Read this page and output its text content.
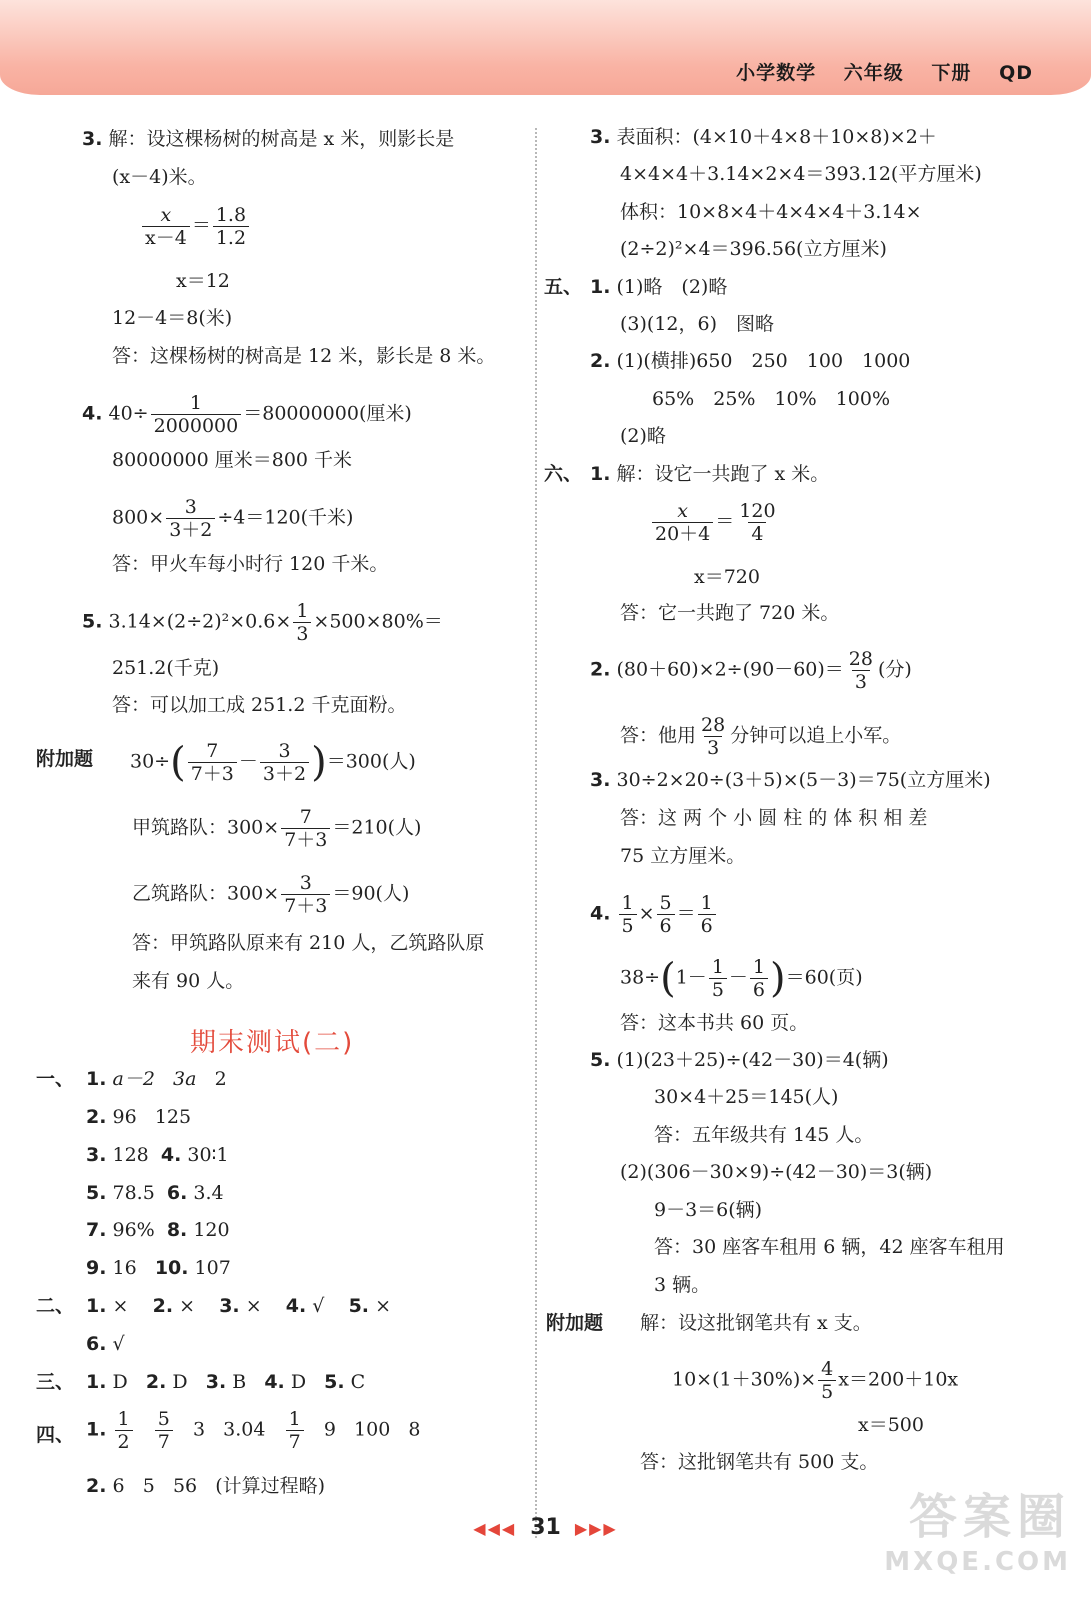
小学数学 六年级 下册 QD
3. 解：设这棵杨树的树高是 x 米，则影长是
(x－4)米。
$\frac{x}{x-4} = \frac{1.8}{1.2}$
x＝12
12－4＝8(米)
答：这棵杨树的树高是 12 米，影长是 8 米。
4. $40\div \frac{1}{2000000} =80000000$(厘米)
80000000 厘米＝800 千米
$800\times \frac{3}{3+2} \div 4=120$(千米)
答：甲火车每小时行 120 千米。
5. $3.14\times(2\div 2)^2\times 0.6\times \frac{1}{3} \times 500\times 80\%=$
251.2(千克)
答：可以加工成 251.2 千克面粉。
附加题 $30\div( \frac{7}{7+3} - \frac{3}{3+2} )=300$(人)
甲筑路队：$300\times \frac{7}{7+3} =210$(人)
乙筑路队：$300\times \frac{3}{7+3} =90$(人)
答：甲筑路队原来有 210 人，乙筑路队原
来有 90 人。
期末测试(二)
一、 1. a－2 3a 2
2. 96 125
3. 128 4. 30∶1
5. 78.5 6. 3.4
7. 96% 8. 120
9. 16 10. 107
二、 1. × 2. × 3. × 4. √ 5. ×
6. √
三、 1. D 2. D 3. B 4. D 5. C
四、 1. $\frac{1}{2}$
$\frac{5}{7} 3$ $3.04 \frac{1}{7} 9$ 100 8
2. 6 5 56 (计算过程略)
3. 表面积：(4×10＋4×8＋10×8)×2＋
4×4×4＋3.14×2×4＝393.12(平方厘米)
体积：10×8×4＋4×4×4＋3.14×
(2÷2)²×4＝396.56(立方厘米)
五、 1. (1)略　(2)略
(3)(12，6)　图略
2. (1)(横排)650　250　100　1000
65%　25%　10%　100%
(2)略
六、 1. 解：设它一共跑了 x 米。
$\frac{x}{20+4} = \frac{120}{4}$
x＝720
答：它一共跑了 720 米。
2. $(80+60)\times 2\div(90-60)= \frac{28}{3}$ (分)
答：他用 $\frac{28}{3}$ 分钟可以追上小军。
3. 30÷2×20÷(3＋5)×(5－3)＝75(立方厘米)
答：这 两 个 小 圆 柱 的 体 积 相 差
75 立方厘米。
4. $\frac{1}{5} \times \frac{5}{6} = \frac{1}{6}$
$38\div(1- \frac{1}{5} - \frac{1}{6} )=60$(页)
答：这本书共 60 页。
5. (1)(23＋25)÷(42－30)＝4(辆)
30×4＋25＝145(人)
答：五年级共有 145 人。
(2)(306－30×9)÷(42－30)＝3(辆)
9－3＝6(辆)
答：30 座客车租用 6 辆，42 座客车租用
3 辆。
附加题 解：设这批钢笔共有 x 支。
$10\times(1+30\%)\times \frac{4}{5} x=200+10x$
x＝500
答：这批钢笔共有 500 支。
◀◀◀ 31 ▶▶▶	答案圈
MXQE.COM
